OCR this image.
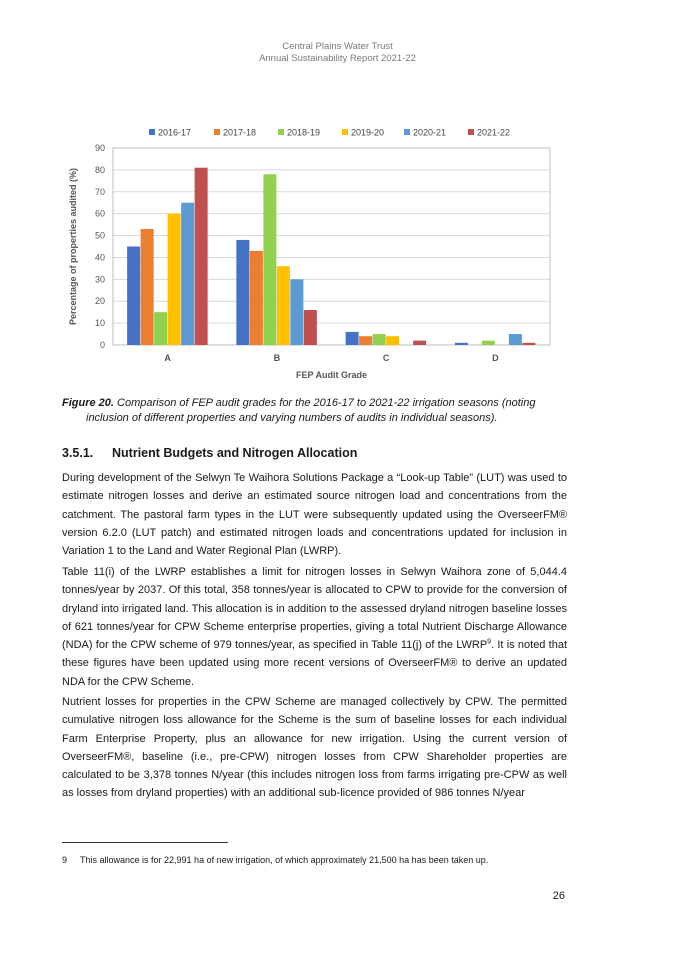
Central Plains Water Trust
Annual Sustainability Report 2021-22
2016-17	2017-18	2018-19	2019-20	2020-21	2021-22
0
10
20
30
40
50
60
70
80
90
A	B	C	D
FEP Audit Grade
Percentage of properties audited (%)
Figure 20. Comparison of FEP audit grades for the 2016-17 to 2021-22 irrigation seasons (noting
inclusion of different properties and varying numbers of audits in individual seasons).
3.5.1. Nutrient Budgets and Nitrogen Allocation
During development of the Selwyn Te Waihora Solutions Package a “Look-up Table” (LUT) was used to estimate nitrogen losses and derive an estimated source nitrogen load and concentrations from the catchment. The pastoral farm types in the LUT were subsequently updated using the OverseerFM® version 6.2.0 (LUT patch) and estimated nitrogen loads and concentrations updated for inclusion in Variation 1 to the Land and Water Regional Plan (LWRP).
Table 11(i) of the LWRP establishes a limit for nitrogen losses in Selwyn Waihora zone of 5,044.4 tonnes/year by 2037. Of this total, 358 tonnes/year is allocated to CPW to provide for the conversion of dryland into irrigated land. This allocation is in addition to the assessed dryland nitrogen baseline losses of 621 tonnes/year for CPW Scheme enterprise properties, giving a total Nutrient Discharge Allowance (NDA) for the CPW scheme of 979 tonnes/year, as specified in Table 11(j) of the LWRP$^9$. It is noted that these figures have been updated using more recent versions of OverseerFM® to derive an updated NDA for the CPW Scheme.
Nutrient losses for properties in the CPW Scheme are managed collectively by CPW. The permitted cumulative nitrogen loss allowance for the Scheme is the sum of baseline losses for each individual Farm Enterprise Property, plus an allowance for new irrigation. Using the current version of OverseerFM®, baseline (i.e., pre-CPW) nitrogen losses from CPW Shareholder properties are calculated to be 3,378 tonnes N/year (this includes nitrogen loss from farms irrigating pre-CPW as well as losses from dryland properties) with an additional sub-licence provided of 986 tonnes N/year
9 This allowance is for 22,991 ha of new irrigation, of which approximately 21,500 ha has been taken up.
26
